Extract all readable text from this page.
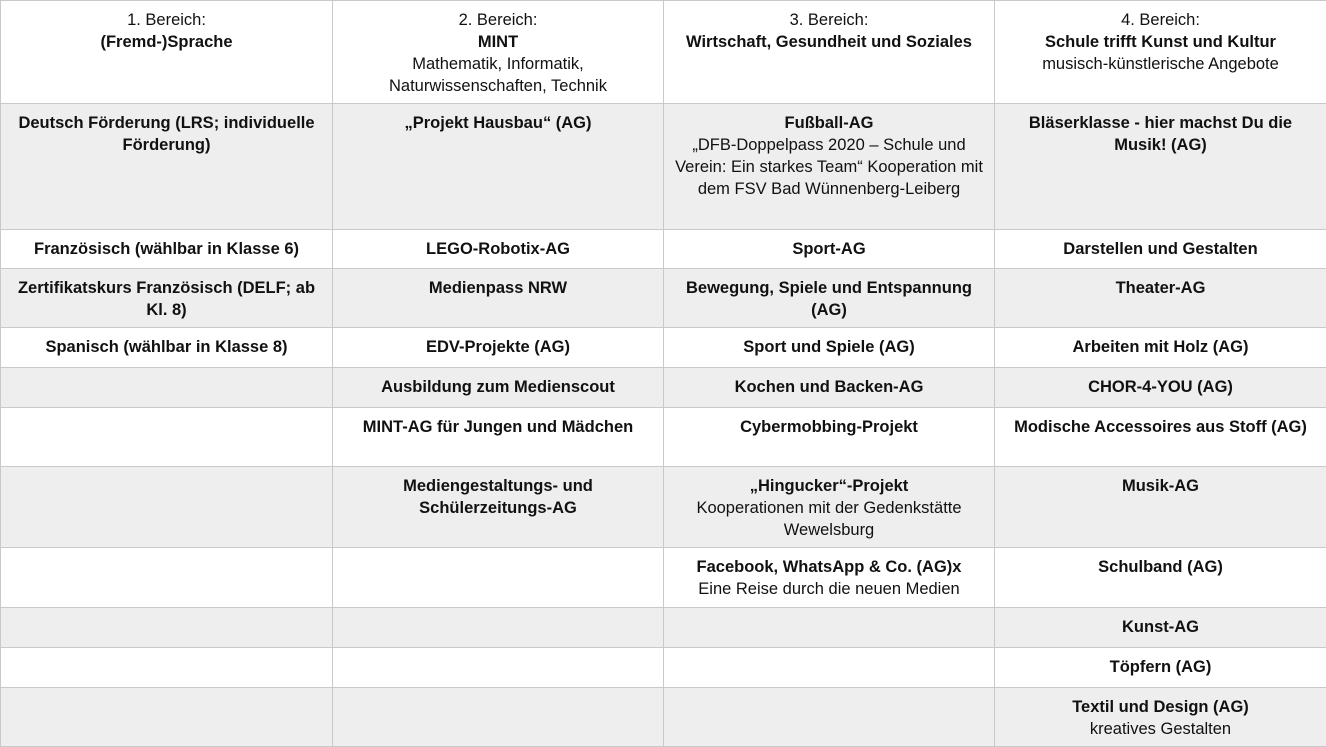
1. Bereich:
(Fremd-)Sprache	2. Bereich:
MINT
Mathematik, Informatik, Naturwissenschaften, Technik	3. Bereich:
Wirtschaft, Gesundheit und Soziales	4. Bereich:
Schule trifft Kunst und Kultur
musisch-künstlerische Angebote

Deutsch Förderung (LRS; individuelle Förderung)	„Projekt Hausbau“ (AG)	Fußball-AG
„DFB-Doppelpass 2020 – Schule und Verein: Ein starkes Team“ Kooperation mit dem FSV Bad Wünnenberg-Leiberg	Bläserklasse - hier machst Du die Musik! (AG)

Französisch (wählbar in Klasse 6)	LEGO-Robotix-AG	Sport-AG	Darstellen und Gestalten

Zertifikatskurs Französisch (DELF; ab Kl. 8)	Medienpass NRW	Bewegung, Spiele und Entspannung (AG)	Theater-AG

Spanisch (wählbar in Klasse 8)	EDV-Projekte (AG)	Sport und Spiele (AG)	Arbeiten mit Holz (AG)

	Ausbildung zum Medienscout	Kochen und Backen-AG	CHOR-4-YOU (AG)

	MINT-AG für Jungen und Mädchen	Cybermobbing-Projekt	Modische Accessoires aus Stoff (AG)

	Mediengestaltungs- und Schülerzeitungs-AG	„Hingucker“-Projekt
Kooperationen mit der Gedenkstätte Wewelsburg	Musik-AG

		Facebook, WhatsApp & Co. (AG)x
Eine Reise durch die neuen Medien	Schulband (AG)

			Kunst-AG

			Töpfern (AG)

			Textil und Design (AG)
kreatives Gestalten
